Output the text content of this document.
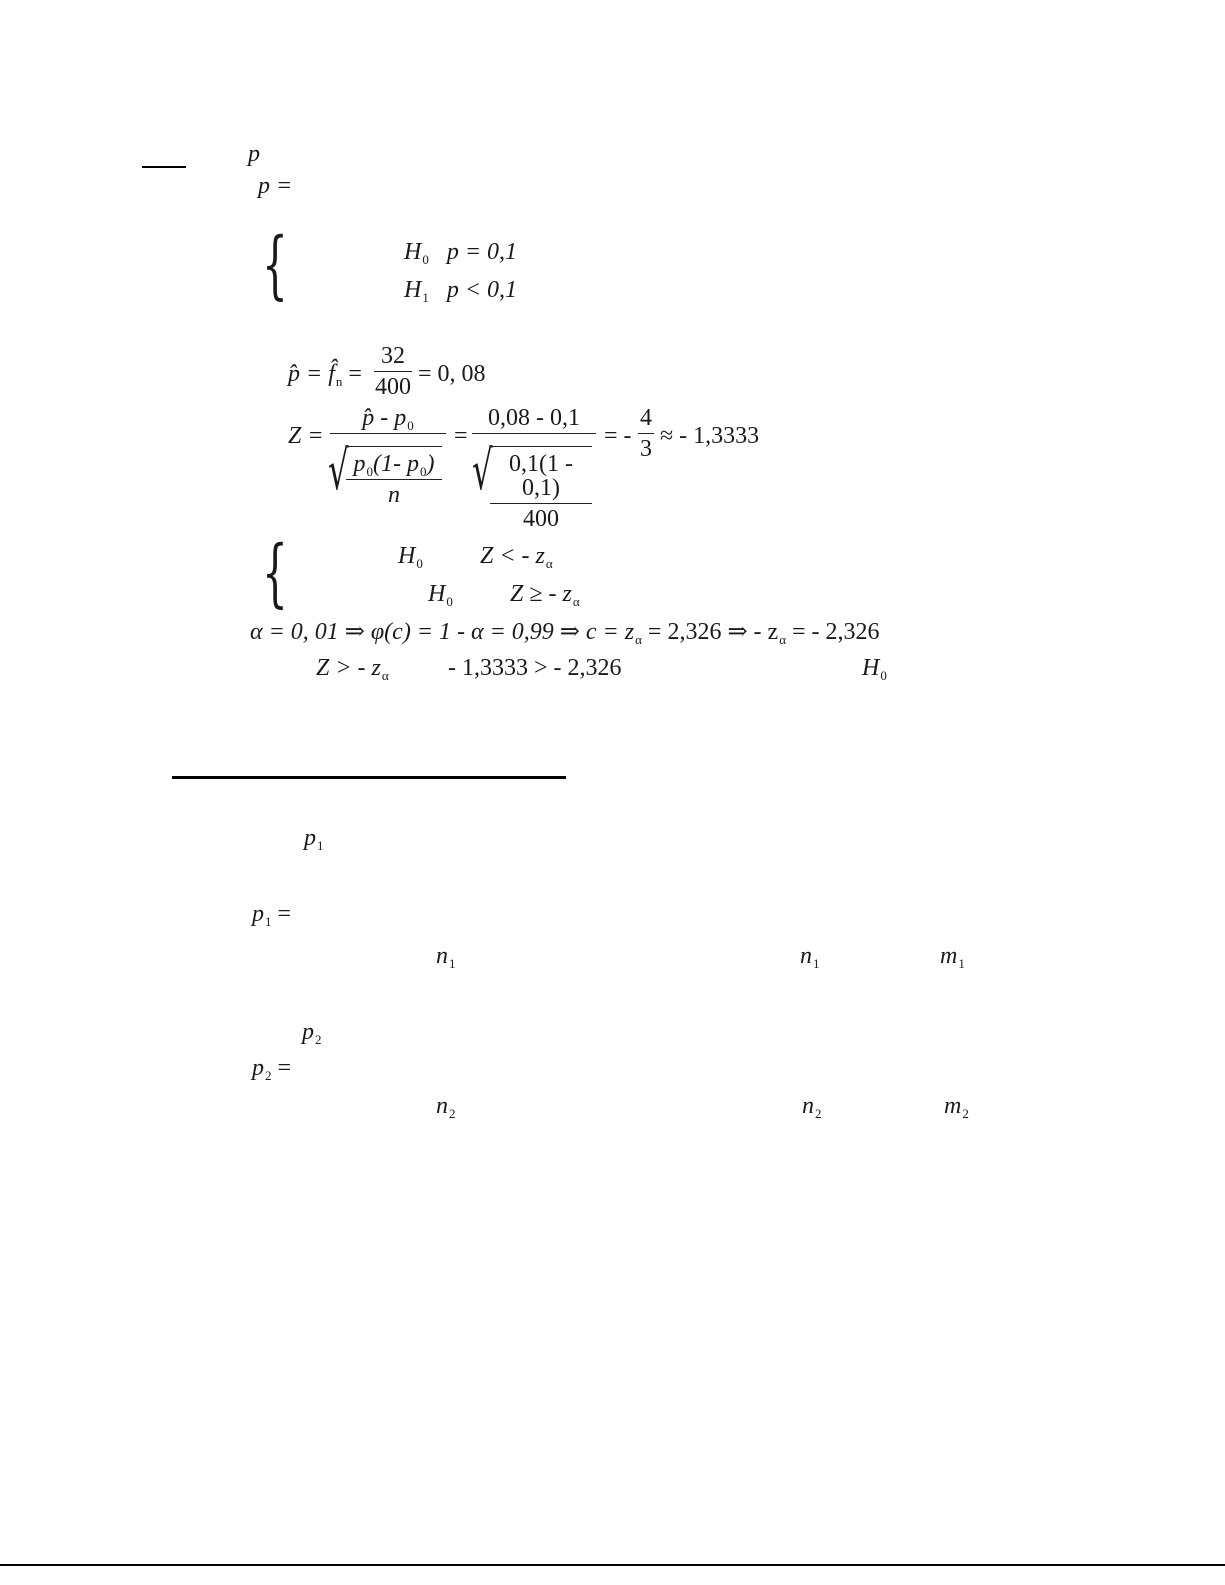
p
p =
{	$H_0$ p = 0,1
$H_1$ p < 0,1
p̂ = $f̂_n$ =
32
400 = 0, 08
Z =
p̂ - $p_0$
√ $p_0(1-$ $p_0$)
n
=
0,08 - 0,1
√ 0,1(1 - 0,1)
400
= -
4
3 ≈ - 1,3333
{	$H_0$ Z < - $z_\alpha$
$H_0$ Z ≥ - $z_\alpha$
α = 0, 01 ⇒ φ(c) = 1 - α = 0,99 ⇒ $c = z_\alpha = 2,326$ ⇒ - $z_\alpha$ = - 2,326
Z > - $z_\alpha - 1,3333$ > - 2,326	$H_0$
$p_1$
$p_1$ =
$n_1$	$n_1$	$m_1$
$p_2$
$p_2$ =
$n_2$	$n_2$	$m_2$
